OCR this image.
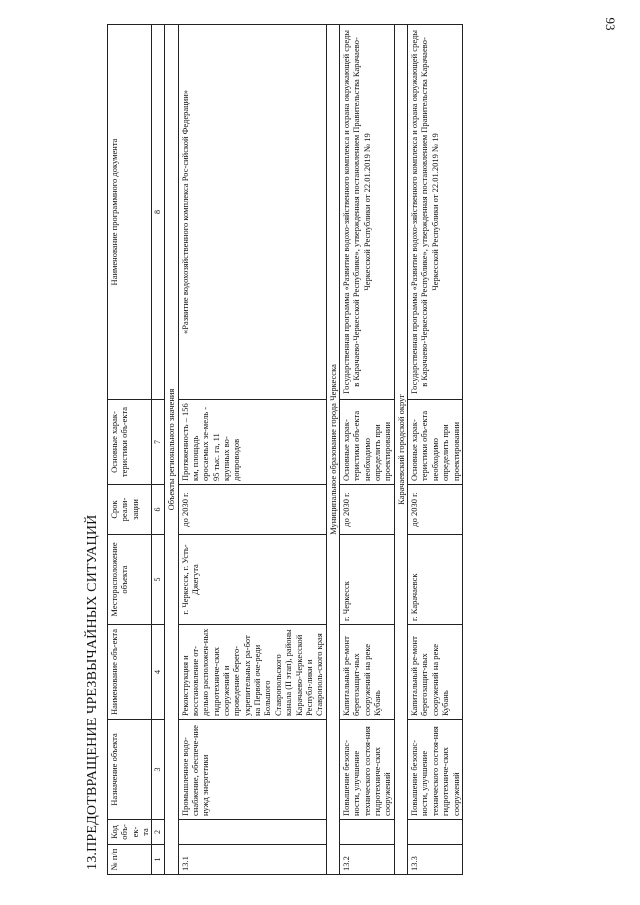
93
13.ПРЕДОТВРАЩЕНИЕ ЧРЕЗВЫЧАЙНЫХ СИТУАЦИЙ	№ п/п	Код объ-ек-та	Назначение объекта	Наименование объ-екта	Месторасположение объекта	Срок реали-зации	Основные харак-теристики объ-екта	Наименование программного документа
1	2	3	4	5	6	7	8
Объекты регионального значения							
13.1		Промышленное водо-снабжение, обеспече-ние нужд энергетики	Реконструкция и восстановление от-дельно расположен-ных гидротехниче-ских сооружений и проведение берего-укрепительных ра-бот на Первой оче-реди Большого Ставропольского канала (II этап), районы Карачаево-Черкесской Республ-лики и Ставрополь-ского края	г. Черкесск, г. Усть-Джегута	до 2030 г.	Протяженность – 156 км, площадь оросаемых зе-мель - 95 тыс. га, 11 крупных во-допроводов	«Развитие водохозяйственного комплекса Рос-сийской Федерации»
Муниципальное образование города Черкесска							
13.2		Повышение безопас-ности, улучшение технического состоя-ния гидротехниче-ских сооружений	Капитальный ре-монт берегозащит-ных сооружений на реке Кубань	г. Черкесск	до 2030 г.	Основные харак-теристики объ-екта необходимо определить при проектировании	Государственная программа «Развитие водохо-зяйственного комплекса и охрана окружающей среды в Карачаево-Черкесской Республике», утвержденная постановлением Правительства Карачаево-Черкесской Республики от 22.01.2019 № 19
Карачаевский городской округ							
13.3		Повышение безопас-ности, улучшение технического состоя-ния гидротехниче-ских сооружений	Капитальный ре-монт берегозащит-ных сооружений на реке Кубань	г. Карачаевск	до 2030 г.	Основные харак-теристики объ-екта необходимо определить при проектировании	Государственная программа «Развитие водохо-зяйственного комплекса и охрана окружающей среды в Карачаево-Черкесской Республике», утвержденная постановлением Правительства Карачаево-Черкесской Республики от 22.01.2019 № 19
